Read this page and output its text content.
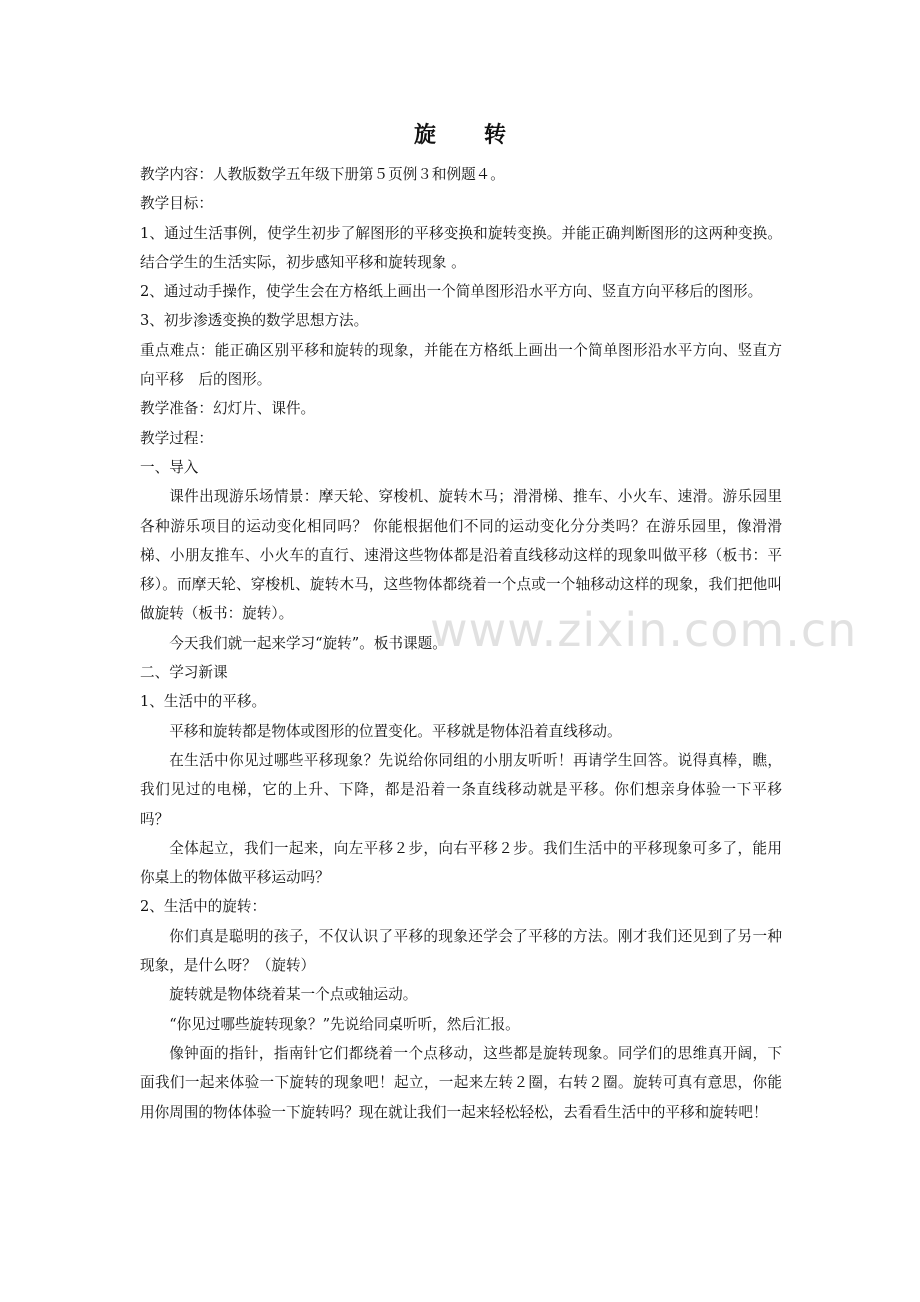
旋 转

教学内容：人教版数学五年级下册第５页例３和例题４。

教学目标：

1、通过生活事例，使学生初步了解图形的平移变换和旋转变换。并能正确判断图形的这两种变换。结合学生的生活实际，初步感知平移和旋转现象 。

2、通过动手操作，使学生会在方格纸上画出一个简单图形沿水平方向、竖直方向平移后的图形。

3、初步渗透变换的数学思想方法。

重点难点：能正确区别平移和旋转的现象，并能在方格纸上画出一个简单图形沿水平方向、竖直方向平移　后的图形。

教学准备：幻灯片、课件。

教学过程：

一、导入

课件出现游乐场情景：摩天轮、穿梭机、旋转木马；滑滑梯、推车、小火车、速滑。游乐园里各种游乐项目的运动变化相同吗？ 你能根据他们不同的运动变化分分类吗？在游乐园里，像滑滑梯、小朋友推车、小火车的直行、速滑这些物体都是沿着直线移动这样的现象叫做平移（板书：平移）。而摩天轮、穿梭机、旋转木马，这些物体都绕着一个点或一个轴移动这样的现象，我们把他叫做旋转（板书：旋转）。

今天我们就一起来学习“旋转”。板书课题。

二、学习新课

1、生活中的平移。

平移和旋转都是物体或图形的位置变化。平移就是物体沿着直线移动。

在生活中你见过哪些平移现象？先说给你同组的小朋友听听！再请学生回答。说得真棒，瞧，我们见过的电梯，它的上升、下降，都是沿着一条直线移动就是平移。你们想亲身体验一下平移吗？

全体起立，我们一起来，向左平移２步，向右平移２步。我们生活中的平移现象可多了，能用你桌上的物体做平移运动吗？

2、生活中的旋转：

你们真是聪明的孩子，不仅认识了平移的现象还学会了平移的方法。刚才我们还见到了另一种现象，是什么呀？（旋转）

旋转就是物体绕着某一个点或轴运动。

“你见过哪些旋转现象？”先说给同桌听听，然后汇报。

像钟面的指针，指南针它们都绕着一个点移动，这些都是旋转现象。同学们的思维真开阔，下面我们一起来体验一下旋转的现象吧！起立，一起来左转２圈，右转２圈。旋转可真有意思，你能用你周围的物体体验一下旋转吗？现在就让我们一起来轻松轻松，去看看生活中的平移和旋转吧！

www.zixin.com.cn
